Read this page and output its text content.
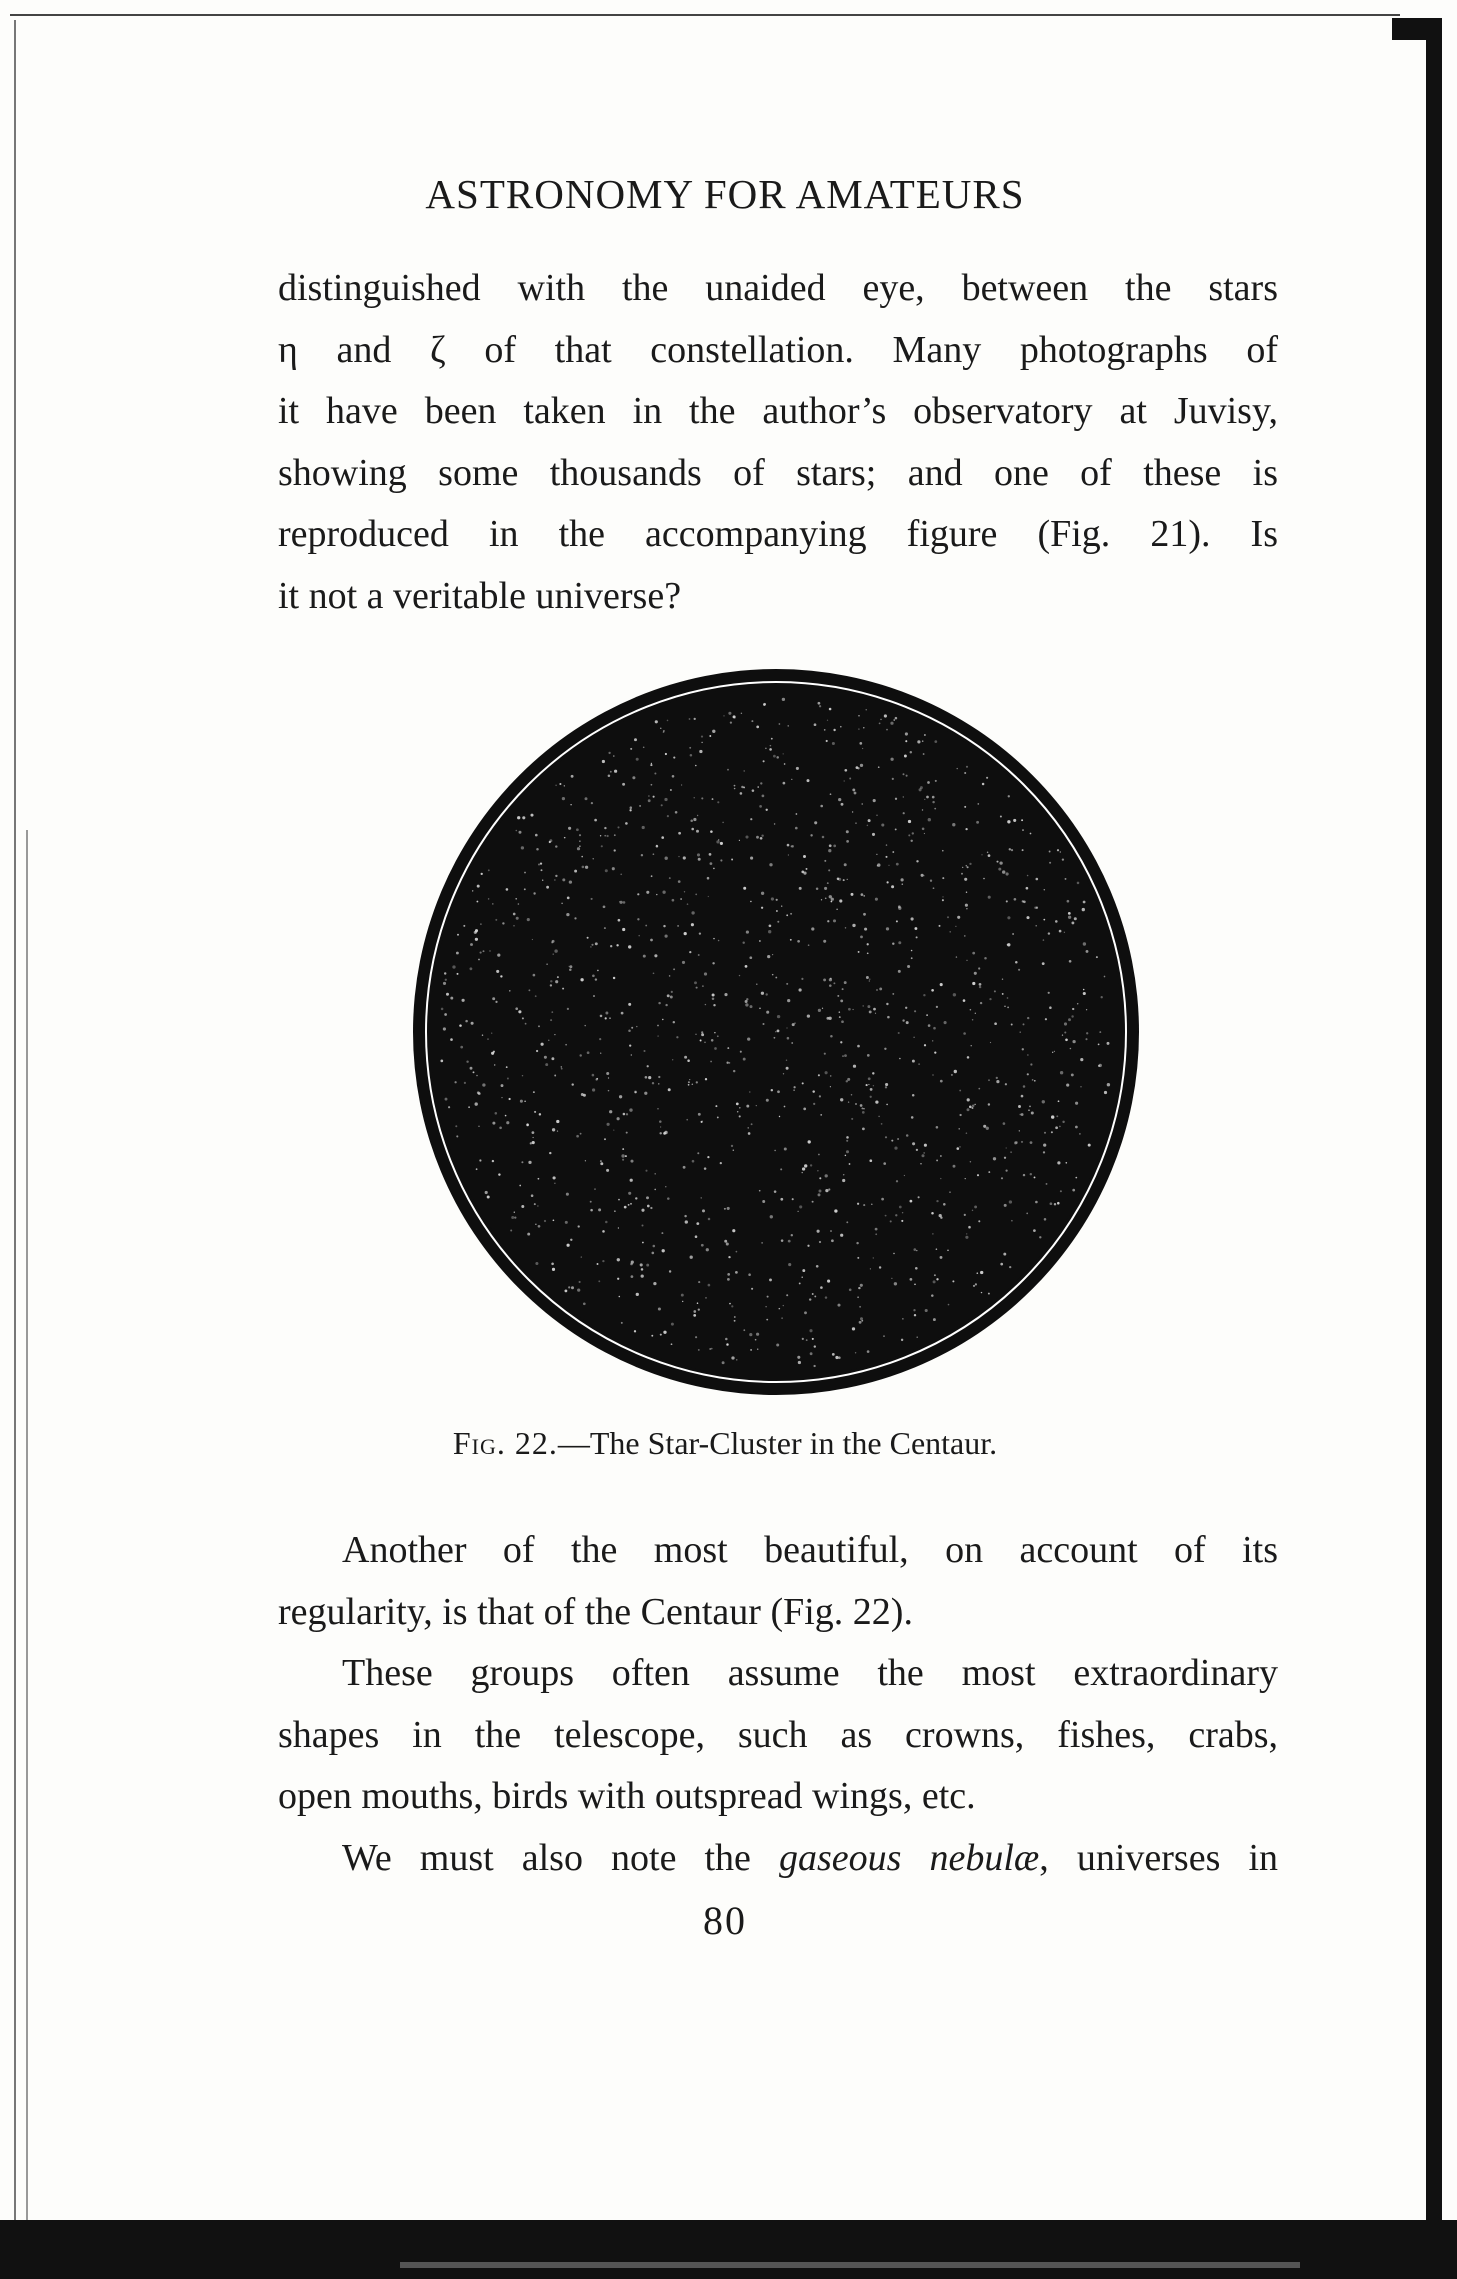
ASTRONOMY FOR AMATEURS
distinguished with the unaided eye, between the stars
η and ζ of that constellation. Many photographs of
it have been taken in the author’s observatory at Juvisy,
showing some thousands of stars; and one of these is
reproduced in the accompanying figure (Fig. 21). Is
it not a veritable universe?
Fig. 22.—The Star-Cluster in the Centaur.
Another of the most beautiful, on account of its
regularity, is that of the Centaur (Fig. 22).
These groups often assume the most extraordinary
shapes in the telescope, such as crowns, fishes, crabs,
open mouths, birds with outspread wings, etc.
We must also note the gaseous nebulæ, universes in
80
